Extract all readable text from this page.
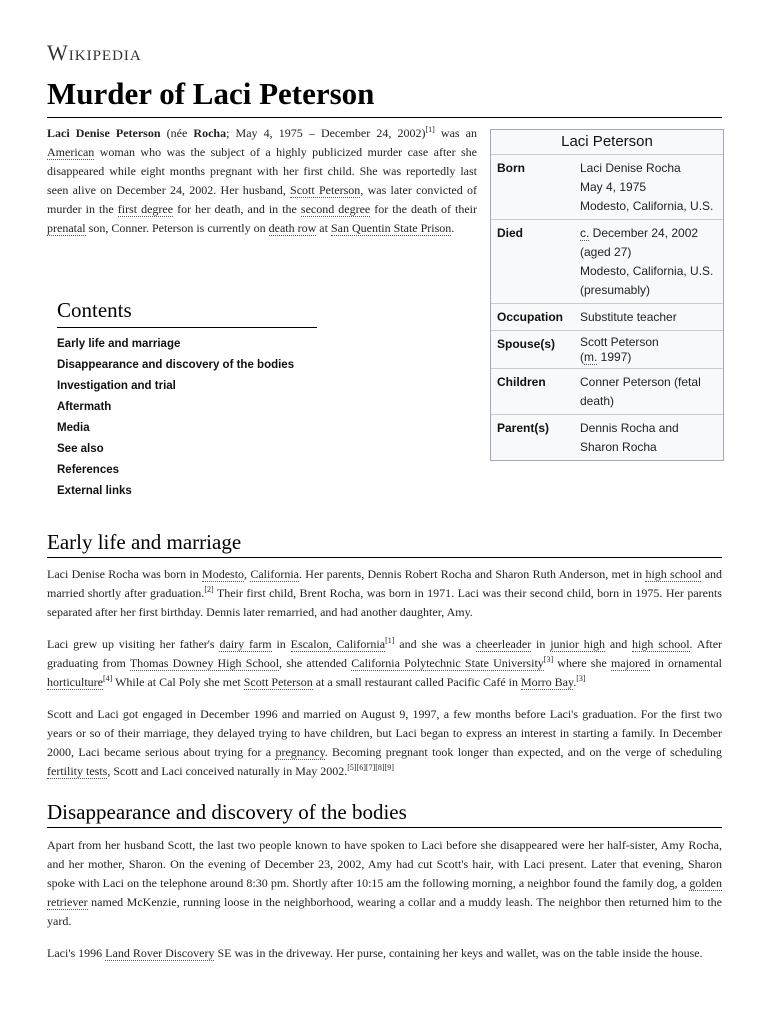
Wikipedia
Murder of Laci Peterson

Laci Denise Peterson (née Rocha; May 4, 1975 – December 24, 2002)[1] was an American woman who was the subject of a highly publicized murder case after she disappeared while eight months pregnant with her first child. She was reportedly last seen alive on December 24, 2002. Her husband, Scott Peterson, was later convicted of murder in the first degree for her death, and in the second degree for the death of their prenatal son, Conner. Peterson is currently on death row at San Quentin State Prison.

Laci Peterson
Born	Laci Denise Rocha
May 4, 1975
Modesto, California, U.S.
Died	c. December 24, 2002
(aged 27)
Modesto, California, U.S. (presumably)
Occupation	Substitute teacher
Spouse(s)	Scott Peterson
(m. 1997)
Children	Conner Peterson (fetal death)
Parent(s)	Dennis Rocha and Sharon Rocha
Contents
Early life and marriage
Disappearance and discovery of the bodies
Investigation and trial
Aftermath
Media
See also
References
External links
Early life and marriage

Laci Denise Rocha was born in Modesto, California. Her parents, Dennis Robert Rocha and Sharon Ruth Anderson, met in high school and married shortly after graduation.[2] Their first child, Brent Rocha, was born in 1971. Laci was their second child, born in 1975. Her parents separated after her first birthday. Dennis later remarried, and had another daughter, Amy.

Laci grew up visiting her father's dairy farm in Escalon, California[1] and she was a cheerleader in junior high and high school. After graduating from Thomas Downey High School, she attended California Polytechnic State University[3] where she majored in ornamental horticulture[4] While at Cal Poly she met Scott Peterson at a small restaurant called Pacific Café in Morro Bay.[3]

Scott and Laci got engaged in December 1996 and married on August 9, 1997, a few months before Laci's graduation. For the first two years or so of their marriage, they delayed trying to have children, but Laci began to express an interest in starting a family. In December 2000, Laci became serious about trying for a pregnancy. Becoming pregnant took longer than expected, and on the verge of scheduling fertility tests, Scott and Laci conceived naturally in May 2002.[5][6][7][8][9]

Disappearance and discovery of the bodies

Apart from her husband Scott, the last two people known to have spoken to Laci before she disappeared were her half-sister, Amy Rocha, and her mother, Sharon. On the evening of December 23, 2002, Amy had cut Scott's hair, with Laci present. Later that evening, Sharon spoke with Laci on the telephone around 8:30 pm. Shortly after 10:15 am the following morning, a neighbor found the family dog, a golden retriever named McKenzie, running loose in the neighborhood, wearing a collar and a muddy leash. The neighbor then returned him to the yard.

Laci's 1996 Land Rover Discovery SE was in the driveway. Her purse, containing her keys and wallet, was on the table inside the house.
